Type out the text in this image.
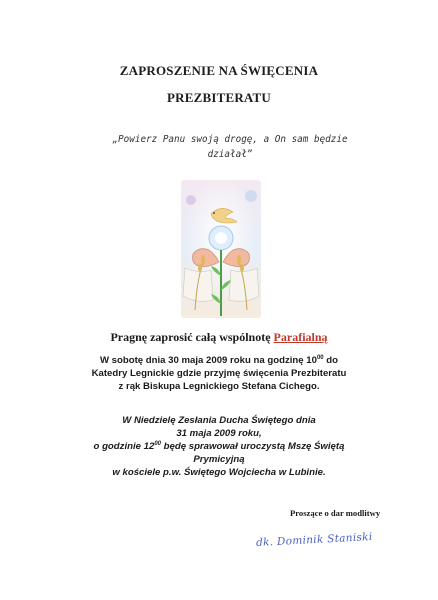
ZAPROSZENIE NA ŚWIĘCENIA
PREZBITERATU
„Powierz Panu swoją drogę, a On sam będzie
działał”
Pragnę zaprosić całą wspólnotę Parafialną
W sobotę dnia 30 maja 2009 roku na godzinę $10^{00}$ do
Katedry Legnickie gdzie przyjmę święcenia Prezbiteratu
z rąk Biskupa Legnickiego Stefana Cichego.
W Niedzielę Zesłania Ducha Świętego dnia
31 maja 2009 roku,
o godzinie $12^{00}$ będę sprawował uroczystą Mszę Świętą
Prymicyjną
w kościele p.w. Świętego Wojciecha w Lubinie.
Proszące o dar modlitwy
dk. Dominik Staniski
